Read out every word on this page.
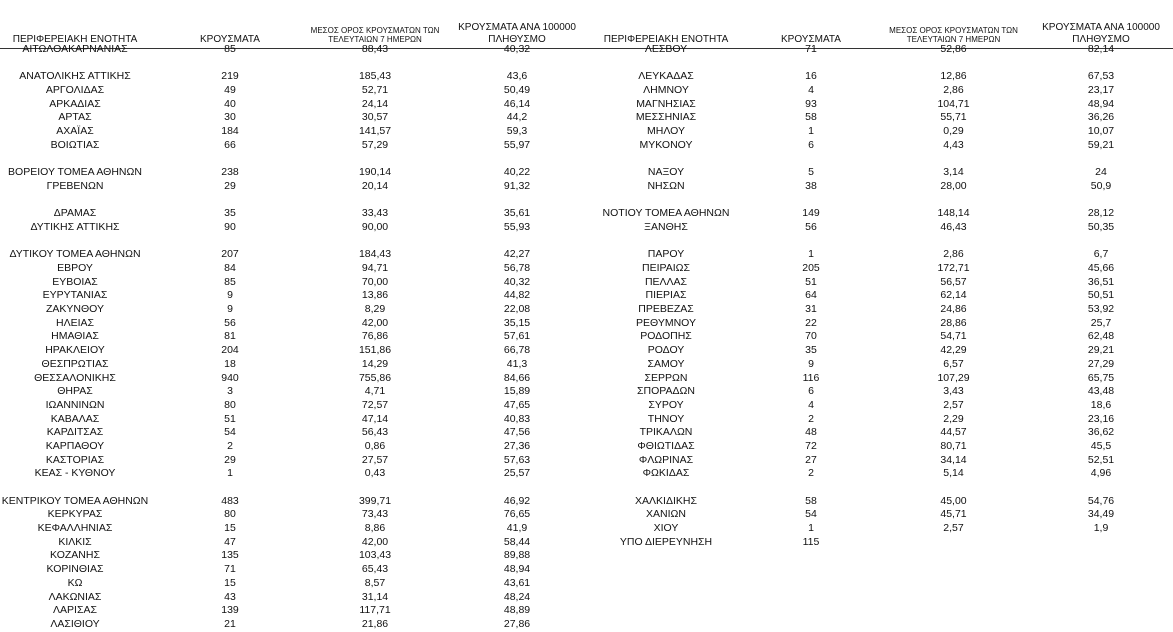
ΠΕΡΙΦΕΡΕΙΑΚΗ ΕΝΟΤΗΤΑ	ΚΡΟΥΣΜΑΤΑ
ΜΕΣΟΣ ΟΡΟΣ ΚΡΟΥΣΜΑΤΩΝ ΤΩΝ
ΤΕΛΕΥΤΑΙΩΝ 7 ΗΜΕΡΩΝ
ΚΡΟΥΣΜΑΤΑ ΑΝΑ 100000
ΠΛΗΘΥΣΜΟ
ΑΙΤΩΛΟΑΚΑΡΝΑΝΙΑΣ	85	88,43	40,32
ΑΝΑΤΟΛΙΚΗΣ ΑΤΤΙΚΗΣ	219	185,43	43,6
ΑΡΓΟΛΙΔΑΣ	49	52,71	50,49
ΑΡΚΑΔΙΑΣ	40	24,14	46,14
ΑΡΤΑΣ	30	30,57	44,2
ΑΧΑΪΑΣ	184	141,57	59,3
ΒΟΙΩΤΙΑΣ	66	57,29	55,97
ΒΟΡΕΙΟΥ ΤΟΜΕΑ ΑΘΗΝΩΝ	238	190,14	40,22
ΓΡΕΒΕΝΩΝ	29	20,14	91,32
ΔΡΑΜΑΣ	35	33,43	35,61
ΔΥΤΙΚΗΣ ΑΤΤΙΚΗΣ	90	90,00	55,93
ΔΥΤΙΚΟΥ ΤΟΜΕΑ ΑΘΗΝΩΝ	207	184,43	42,27
ΕΒΡΟΥ	84	94,71	56,78
ΕΥΒΟΙΑΣ	85	70,00	40,32
ΕΥΡΥΤΑΝΙΑΣ	9	13,86	44,82
ΖΑΚΥΝΘΟΥ	9	8,29	22,08
ΗΛΕΙΑΣ	56	42,00	35,15
ΗΜΑΘΙΑΣ	81	76,86	57,61
ΗΡΑΚΛΕΙΟΥ	204	151,86	66,78
ΘΕΣΠΡΩΤΙΑΣ	18	14,29	41,3
ΘΕΣΣΑΛΟΝΙΚΗΣ	940	755,86	84,66
ΘΗΡΑΣ	3	4,71	15,89
ΙΩΑΝΝΙΝΩΝ	80	72,57	47,65
ΚΑΒΑΛΑΣ	51	47,14	40,83
ΚΑΡΔΙΤΣΑΣ	54	56,43	47,56
ΚΑΡΠΑΘΟΥ	2	0,86	27,36
ΚΑΣΤΟΡΙΑΣ	29	27,57	57,63
ΚΕΑΣ - ΚΥΘΝΟΥ	1	0,43	25,57
ΚΕΝΤΡΙΚΟΥ ΤΟΜΕΑ ΑΘΗΝΩΝ	483	399,71	46,92
ΚΕΡΚΥΡΑΣ	80	73,43	76,65
ΚΕΦΑΛΛΗΝΙΑΣ	15	8,86	41,9
ΚΙΛΚΙΣ	47	42,00	58,44
ΚΟΖΑΝΗΣ	135	103,43	89,88
ΚΟΡΙΝΘΙΑΣ	71	65,43	48,94
ΚΩ	15	8,57	43,61
ΛΑΚΩΝΙΑΣ	43	31,14	48,24
ΛΑΡΙΣΑΣ	139	117,71	48,89
ΛΑΣΙΘΙΟΥ	21	21,86	27,86
ΠΕΡΙΦΕΡΕΙΑΚΗ ΕΝΟΤΗΤΑ	ΚΡΟΥΣΜΑΤΑ
ΜΕΣΟΣ ΟΡΟΣ ΚΡΟΥΣΜΑΤΩΝ ΤΩΝ
ΤΕΛΕΥΤΑΙΩΝ 7 ΗΜΕΡΩΝ
ΚΡΟΥΣΜΑΤΑ ΑΝΑ 100000
ΠΛΗΘΥΣΜΟ
ΛΕΣΒΟΥ	71	52,86	82,14
ΛΕΥΚΑΔΑΣ	16	12,86	67,53
ΛΗΜΝΟΥ	4	2,86	23,17
ΜΑΓΝΗΣΙΑΣ	93	104,71	48,94
ΜΕΣΣΗΝΙΑΣ	58	55,71	36,26
ΜΗΛΟΥ	1	0,29	10,07
ΜΥΚΟΝΟΥ	6	4,43	59,21
ΝΑΞΟΥ	5	3,14	24
ΝΗΣΩΝ	38	28,00	50,9
ΝΟΤΙΟΥ ΤΟΜΕΑ ΑΘΗΝΩΝ	149	148,14	28,12
ΞΑΝΘΗΣ	56	46,43	50,35
ΠΑΡΟΥ	1	2,86	6,7
ΠΕΙΡΑΙΩΣ	205	172,71	45,66
ΠΕΛΛΑΣ	51	56,57	36,51
ΠΙΕΡΙΑΣ	64	62,14	50,51
ΠΡΕΒΕΖΑΣ	31	24,86	53,92
ΡΕΘΥΜΝΟΥ	22	28,86	25,7
ΡΟΔΟΠΗΣ	70	54,71	62,48
ΡΟΔΟΥ	35	42,29	29,21
ΣΑΜΟΥ	9	6,57	27,29
ΣΕΡΡΩΝ	116	107,29	65,75
ΣΠΟΡΑΔΩΝ	6	3,43	43,48
ΣΥΡΟΥ	4	2,57	18,6
ΤΗΝΟΥ	2	2,29	23,16
ΤΡΙΚΑΛΩΝ	48	44,57	36,62
ΦΘΙΩΤΙΔΑΣ	72	80,71	45,5
ΦΛΩΡΙΝΑΣ	27	34,14	52,51
ΦΩΚΙΔΑΣ	2	5,14	4,96
ΧΑΛΚΙΔΙΚΗΣ	58	45,00	54,76
ΧΑΝΙΩΝ	54	45,71	34,49
ΧΙΟΥ	1	2,57	1,9
ΥΠΟ ΔΙΕΡΕΥΝΗΣΗ	115
